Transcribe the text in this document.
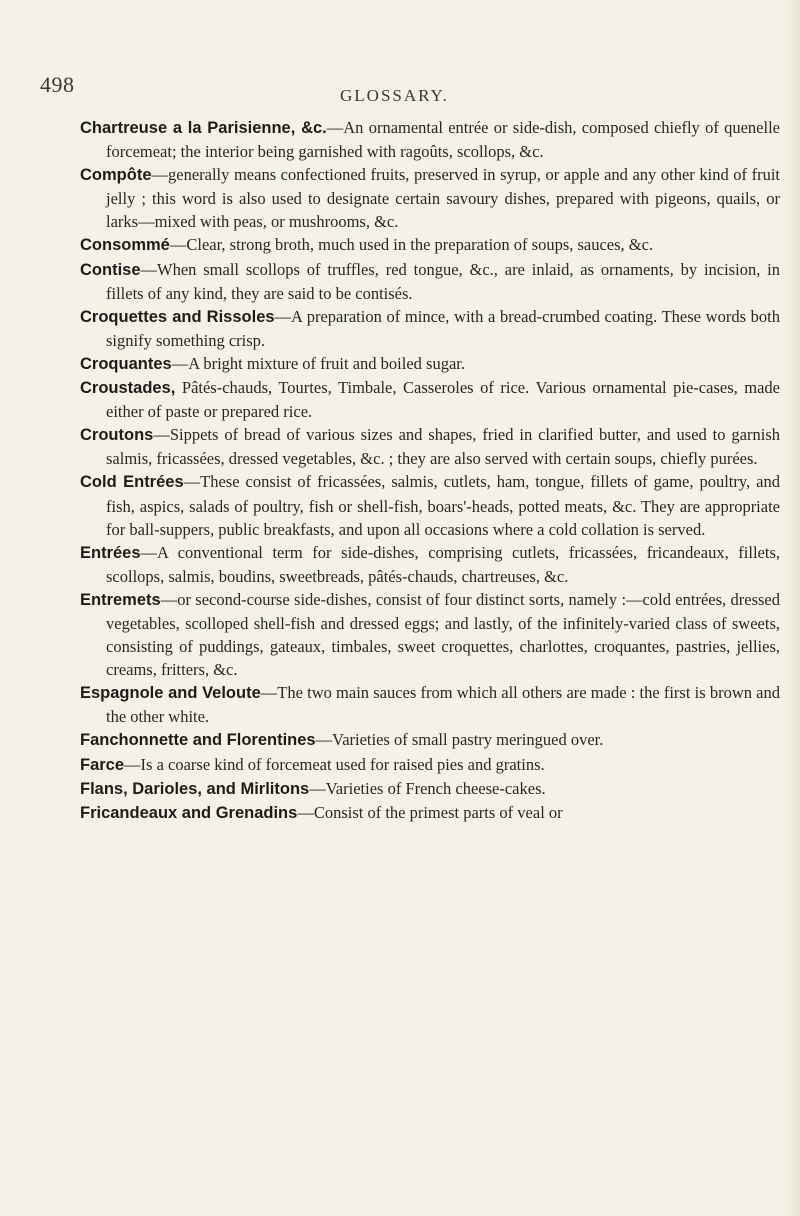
498	GLOSSARY.

Chartreuse a la Parisienne, &c.—An ornamental entrée or side-dish, composed chiefly of quenelle forcemeat; the interior being garnished with ragoûts, scollops, &c.

Compôte—generally means confectioned fruits, preserved in syrup, or apple and any other kind of fruit jelly ; this word is also used to designate certain savoury dishes, prepared with pigeons, quails, or larks—mixed with peas, or mushrooms, &c.

Consommé—Clear, strong broth, much used in the preparation of soups, sauces, &c.

Contise—When small scollops of truffles, red tongue, &c., are inlaid, as ornaments, by incision, in fillets of any kind, they are said to be contisés.

Croquettes and Rissoles—A preparation of mince, with a bread-crumbed coating. These words both signify something crisp.

Croquantes—A bright mixture of fruit and boiled sugar.

Croustades, Pâtés-chauds, Tourtes, Timbale, Casseroles of rice. Various ornamental pie-cases, made either of paste or prepared rice.

Croutons—Sippets of bread of various sizes and shapes, fried in clarified butter, and used to garnish salmis, fricassées, dressed vegetables, &c. ; they are also served with certain soups, chiefly purées.

Cold Entrées—These consist of fricassées, salmis, cutlets, ham, tongue, fillets of game, poultry, and fish, aspics, salads of poultry, fish or shell-fish, boars'-heads, potted meats, &c. They are appropriate for ball-suppers, public breakfasts, and upon all occasions where a cold collation is served.

Entrées—A conventional term for side-dishes, comprising cutlets, fricassées, fricandeaux, fillets, scollops, salmis, boudins, sweetbreads, pâtés-chauds, chartreuses, &c.

Entremets—or second-course side-dishes, consist of four distinct sorts, namely :—cold entrées, dressed vegetables, scolloped shell-fish and dressed eggs; and lastly, of the infinitely-varied class of sweets, consisting of puddings, gateaux, timbales, sweet croquettes, charlottes, croquantes, pastries, jellies, creams, fritters, &c.

Espagnole and Veloute—The two main sauces from which all others are made : the first is brown and the other white.

Fanchonnette and Florentines—Varieties of small pastry meringued over.

Farce—Is a coarse kind of forcemeat used for raised pies and gratins.

Flans, Darioles, and Mirlitons—Varieties of French cheese-cakes.

Fricandeaux and Grenadins—Consist of the primest parts of veal or
